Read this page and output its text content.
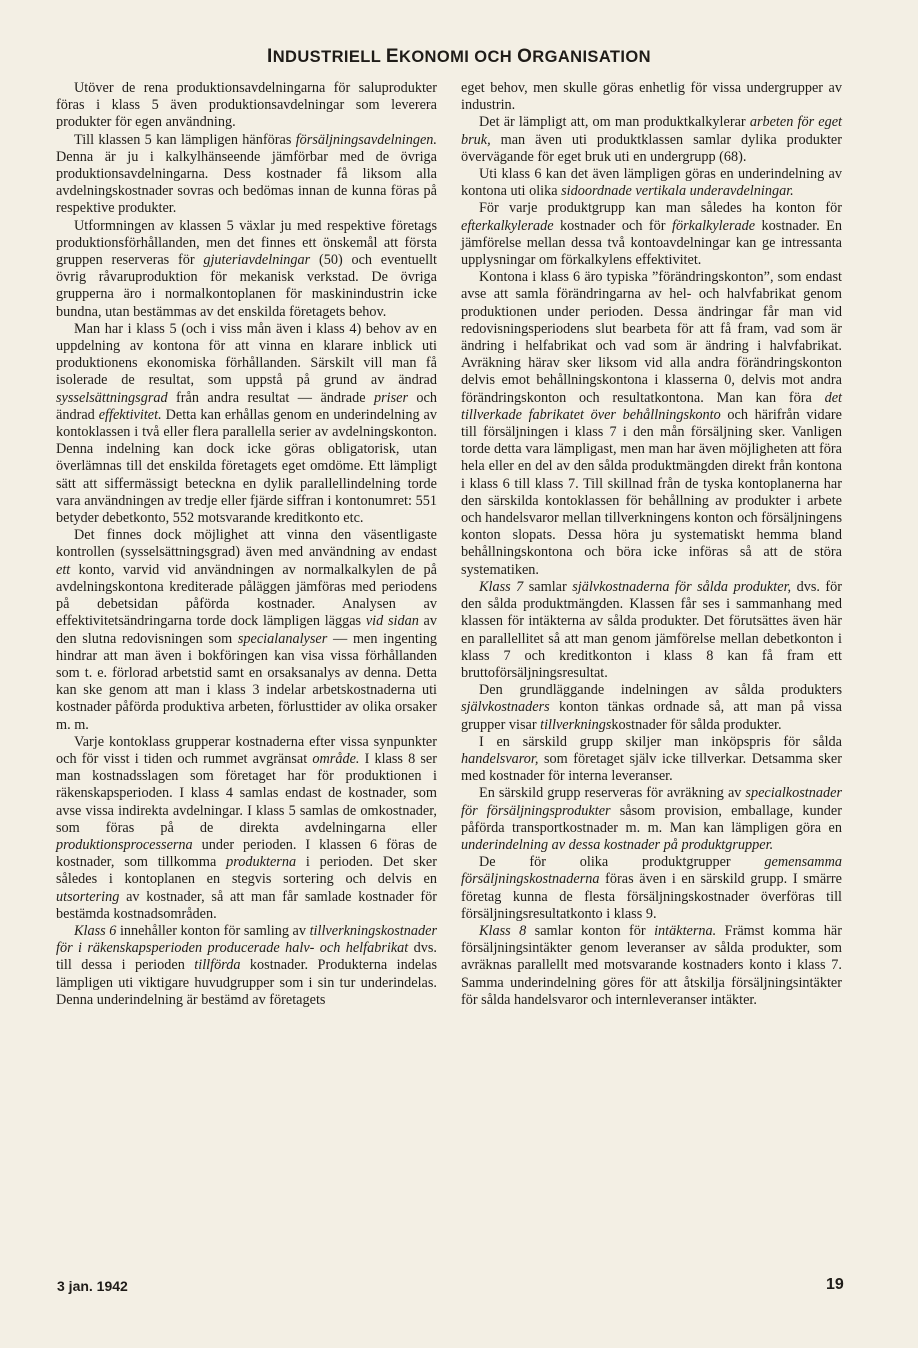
INDUSTRIELL EKONOMI OCH ORGANISATION

Utöver de rena produktionsavdelningarna för saluprodukter föras i klass 5 även produktionsavdelningar som leverera produkter för egen användning.

Till klassen 5 kan lämpligen hänföras försäljningsavdelningen. Denna är ju i kalkylhänseende jämförbar med de övriga produktionsavdelningarna. Dess kostnader få liksom alla avdelningskostnader sovras och bedömas innan de kunna föras på respektive produkter.

Utformningen av klassen 5 växlar ju med respektive företags produktionsförhållanden, men det finnes ett önskemål att första gruppen reserveras för gjuteriavdelningar (50) och eventuellt övrig råvaruproduktion för mekanisk verkstad. De övriga grupperna äro i normalkontoplanen för maskinindustrin icke bundna, utan bestämmas av det enskilda företagets behov.

Man har i klass 5 (och i viss mån även i klass 4) behov av en uppdelning av kontona för att vinna en klarare inblick uti produktionens ekonomiska förhållanden. Särskilt vill man få isolerade de resultat, som uppstå på grund av ändrad sysselsättningsgrad från andra resultat — ändrade priser och ändrad effektivitet. Detta kan erhållas genom en underindelning av kontoklassen i två eller flera parallella serier av avdelningskonton. Denna indelning kan dock icke göras obligatorisk, utan överlämnas till det enskilda företagets eget omdöme. Ett lämpligt sätt att siffermässigt beteckna en dylik parallellindelning torde vara användningen av tredje eller fjärde siffran i kontonumret: 551 betyder debetkonto, 552 motsvarande kreditkonto etc.

Det finnes dock möjlighet att vinna den väsentligaste kontrollen (sysselsättningsgrad) även med användning av endast ett konto, varvid vid användningen av normalkalkylen de på avdelningskontona krediterade påläggen jämföras med periodens på debetsidan påförda kostnader. Analysen av effektivitetsändringarna torde dock lämpligen läggas vid sidan av den slutna redovisningen som specialanalyser — men ingenting hindrar att man även i bokföringen kan visa vissa förhållanden som t. e. förlorad arbetstid samt en orsaksanalys av denna. Detta kan ske genom att man i klass 3 indelar arbetskostnaderna uti kostnader påförda produktiva arbeten, förlusttider av olika orsaker m. m.

Varje kontoklass grupperar kostnaderna efter vissa synpunkter och för visst i tiden och rummet avgränsat område. I klass 8 ser man kostnadsslagen som företaget har för produktionen i räkenskapsperioden. I klass 4 samlas endast de kostnader, som avse vissa indirekta avdelningar. I klass 5 samlas de omkostnader, som föras på de direkta avdelningarna eller produktionsprocesserna under perioden. I klassen 6 föras de kostnader, som tillkomma produkterna i perioden. Det sker således i kontoplanen en stegvis sortering och delvis en utsortering av kostnader, så att man får samlade kostnader för bestämda kostnadsområden.

Klass 6 innehåller konton för samling av tillverkningskostnader för i räkenskapsperioden producerade halv- och helfabrikat dvs. till dessa i perioden tillförda kostnader. Produkterna indelas lämpligen uti viktigare huvudgrupper som i sin tur underindelas. Denna underindelning är bestämd av företagets

eget behov, men skulle göras enhetlig för vissa undergrupper av industrin.

Det är lämpligt att, om man produktkalkylerar arbeten för eget bruk, man även uti produktklassen samlar dylika produkter övervägande för eget bruk uti en undergrupp (68).

Uti klass 6 kan det även lämpligen göras en underindelning av kontona uti olika sidoordnade vertikala underavdelningar.

För varje produktgrupp kan man således ha konton för efterkalkylerade kostnader och för förkalkylerade kostnader. En jämförelse mellan dessa två kontoavdelningar kan ge intressanta upplysningar om förkalkylens effektivitet.

Kontona i klass 6 äro typiska ”förändringskonton”, som endast avse att samla förändringarna av hel- och halvfabrikat genom produktionen under perioden. Dessa ändringar får man vid redovisningsperiodens slut bearbeta för att få fram, vad som är ändring i helfabrikat och vad som är ändring i halvfabrikat. Avräkning härav sker liksom vid alla andra förändringskonton delvis emot behållningskontona i klasserna 0, delvis mot andra förändringskonton och resultatkontona. Man kan föra det tillverkade fabrikatet över behållningskonto och härifrån vidare till försäljningen i klass 7 i den mån försäljning sker. Vanligen torde detta vara lämpligast, men man har även möjligheten att föra hela eller en del av den sålda produktmängden direkt från kontona i klass 6 till klass 7. Till skillnad från de tyska kontoplanerna har den särskilda kontoklassen för behållning av produkter i arbete och handelsvaror mellan tillverkningens konton och försäljningens konton slopats. Dessa höra ju systematiskt hemma bland behållningskontona och böra icke införas så att de störa systematiken.

Klass 7 samlar självkostnaderna för sålda produkter, dvs. för den sålda produktmängden. Klassen får ses i sammanhang med klassen för intäkterna av sålda produkter. Det förutsättes även här en parallellitet så att man genom jämförelse mellan debetkonton i klass 7 och kreditkonton i klass 8 kan få fram ett bruttoförsäljningsresultat.

Den grundläggande indelningen av sålda produkters självkostnaders konton tänkas ordnade så, att man på vissa grupper visar tillverkningskostnader för sålda produkter.

I en särskild grupp skiljer man inköpspris för sålda handelsvaror, som företaget själv icke tillverkar. Detsamma sker med kostnader för interna leveranser.

En särskild grupp reserveras för avräkning av specialkostnader för försäljningsprodukter såsom provision, emballage, kunder påförda transportkostnader m. m. Man kan lämpligen göra en underindelning av dessa kostnader på produktgrupper.

De för olika produktgrupper gemensamma försäljningskostnaderna föras även i en särskild grupp. I smärre företag kunna de flesta försäljningskostnader överföras till försäljningsresultatkonto i klass 9.

Klass 8 samlar konton för intäkterna. Främst komma här försäljningsintäkter genom leveranser av sålda produkter, som avräknas parallellt med motsvarande kostnaders konto i klass 7. Samma underindelning göres för att åtskilja försäljningsintäkter för sålda handelsvaror och internleveranser intäkter.

3 jan. 1942	19
